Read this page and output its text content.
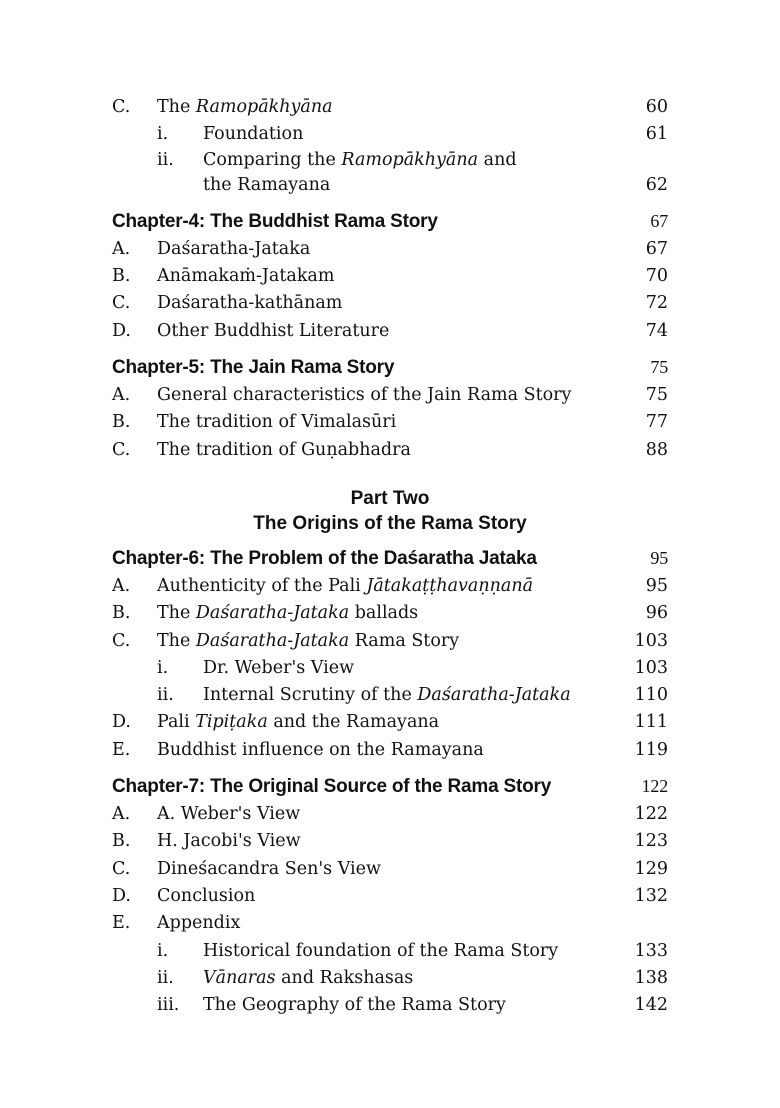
C. The Ramopākhyāna	60
i. Foundation	61
ii. Comparing the Ramopākhyāna and
the Ramayana	62
Chapter-4: The Buddhist Rama Story	67
A. Daśaratha-Jataka	67
B. Anāmakaṁ-Jatakam	70
C. Daśaratha-kathānam	72
D. Other Buddhist Literature	74
Chapter-5: The Jain Rama Story	75
A. General characteristics of the Jain Rama Story	75
B. The tradition of Vimalasūri	77
C. The tradition of Guṇabhadra	88
Part Two
The Origins of the Rama Story
Chapter-6: The Problem of the Daśaratha Jataka	95
A. Authenticity of the Pali Jātakaṭṭhavaṇṇanā	95
B. The Daśaratha-Jataka ballads	96
C. The Daśaratha-Jataka Rama Story	103
i. Dr. Weber's View	103
ii. Internal Scrutiny of the Daśaratha-Jataka	110
D. Pali Tipiṭaka and the Ramayana	111
E. Buddhist influence on the Ramayana	119
Chapter-7: The Original Source of the Rama Story	122
A. A. Weber's View	122
B. H. Jacobi's View	123
C. Dineśacandra Sen's View	129
D. Conclusion	132
E. Appendix
i. Historical foundation of the Rama Story	133
ii. Vānaras and Rakshasas	138
iii. The Geography of the Rama Story	142
